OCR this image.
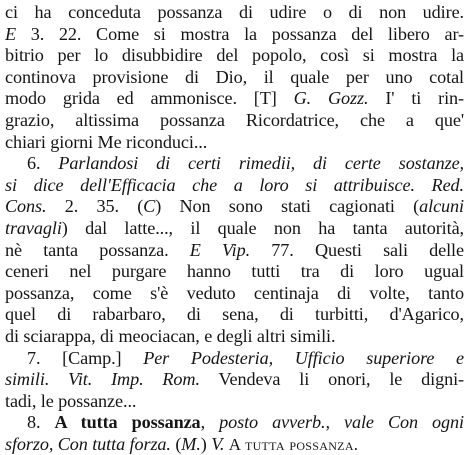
ci ha conceduta possanza di udire o di non udire.
E 3. 22. Come si mostra la possanza del libero ar-
bitrio per lo disubbidire del popolo, così si mostra la
continova provisione di Dio, il quale per uno cotal
modo grida ed ammonisce. [T] G. Gozz. I' ti rin-
grazio, altissima possanza Ricordatrice, che a que'
chiari giorni Me riconduci...
6. Parlandosi di certi rimedii, di certe sostanze,
si dice dell'Efficacia che a loro si attribuisce. Red.
Cons. 2. 35. (C) Non sono stati cagionati (alcuni
travagli) dal latte..., il quale non ha tanta autorità,
nè tanta possanza. E Vip. 77. Questi sali delle
ceneri nel purgare hanno tutti tra di loro ugual
possanza, come s'è veduto centinaja di volte, tanto
quel di rabarbaro, di sena, di turbitti, d'Agarico,
di sciarappa, di meociacan, e degli altri simili.
7. [Camp.] Per Podesteria, Ufficio superiore e
simili. Vit. Imp. Rom. Vendeva li onori, le digni-
tadi, le possanze...
8. A tutta possanza, posto avverb., vale Con ogni
sforzo, Con tutta forza. (M.) V. A tutta possanza.
